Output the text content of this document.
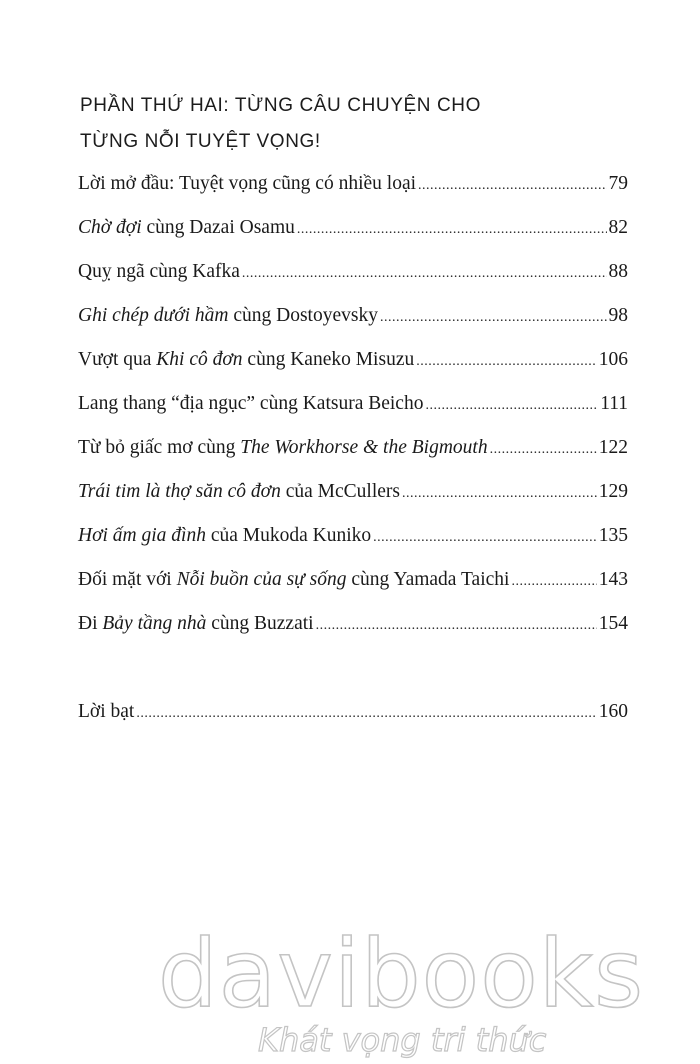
PHẦN THỨ HAI: TỪNG CÂU CHUYỆN CHO
TỪNG NỖI TUYỆT VỌNG!
Lời mở đầu: Tuyệt vọng cũng có nhiều loại .....	79
Chờ đợi cùng Dazai Osamu .....	82
Quỵ ngã cùng Kafka .....	88
Ghi chép dưới hầm cùng Dostoyevsky .....	98
Vượt qua Khi cô đơn cùng Kaneko Misuzu .....	106
Lang thang “địa ngục” cùng Katsura Beicho .....	111
Từ bỏ giấc mơ cùng The Workhorse & the Bigmouth .....	122
Trái tim là thợ săn cô đơn của McCullers .....	129
Hơi ấm gia đình của Mukoda Kuniko .....	135
Đối mặt với Nỗi buồn của sự sống cùng Yamada Taichi .....	143
Đi Bảy tầng nhà cùng Buzzati .....	154
Lời bạt .....	160
davibooks
Khát vọng tri thức
